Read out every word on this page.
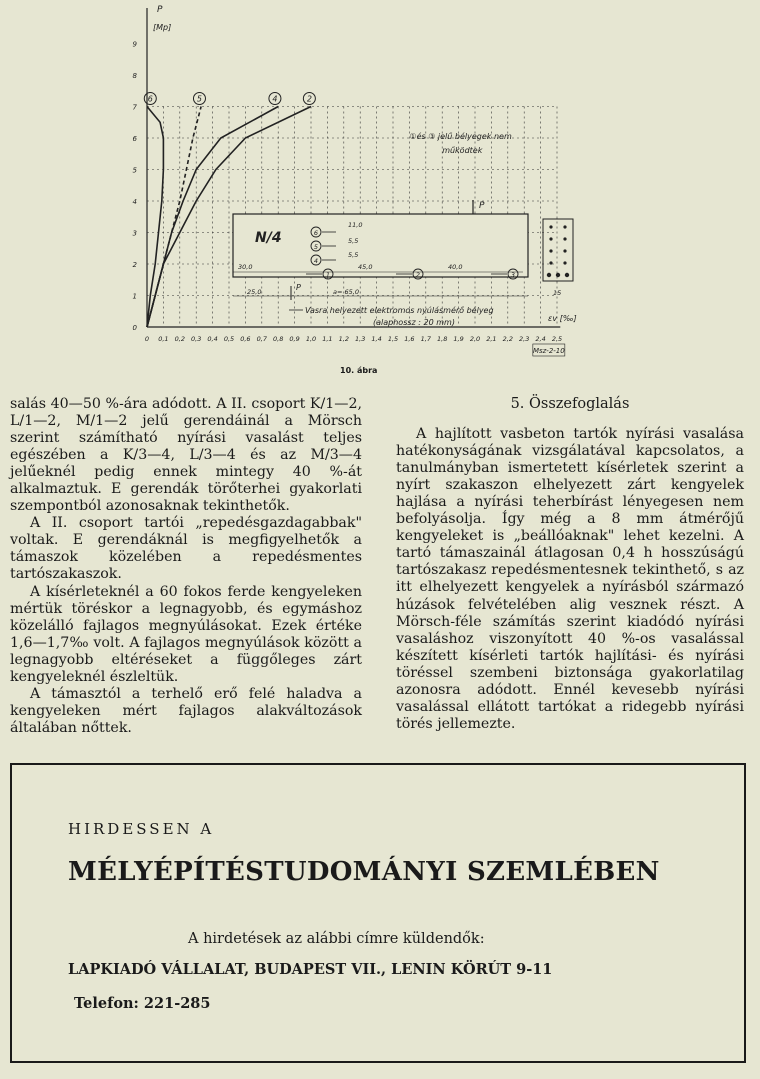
0
1
2
3
4
5
6
7
8
9
0 0,1 0,2 0,3 0,4 0,5 0,6 0,7 0,8 0,9 1,0 1,1 1,2 1,3 1,4 1,5 1,6 1,7 1,8 1,9 2,0 2,1 2,2 2,3 2,4 2,5
P
[Mp]
εv [‰]
Msz-2-10
6	5	4	2
①és ③ jelű bélyegek nem
működtek
N/4
P
6
5
4
11,0
5,5
5,5
1	2	3
30,0	45,0	40,0
25,0	a= 65,0
P
15
Vasra helyezett elektromos nyúlásmérő bélyeg
(alaphossz : 20 mm)
10. ábra

salás 40—50 %-ára adódott. A II. csoport K/1—2, L/1—2, M/1—2 jelű gerendáinál a Mörsch szerint számítható nyírási vasalást teljes egészében a K/3—4, L/3—4 és az M/3—4 jelűeknél pedig ennek mintegy 40 %-át alkalmaztuk. E gerendák törőterhei gyakorlati szempontból azonosaknak tekinthetők.

A II. csoport tartói „repedésgazdagabbak" voltak. E gerendáknál is megfigyelhetők a támaszok közelében a repedésmentes tartószakaszok.

A kísérleteknél a 60 fokos ferde kengyeleken mértük töréskor a legnagyobb, és egymáshoz közelálló fajlagos megnyúlásokat. Ezek értéke 1,6—1,7‰ volt. A fajlagos megnyúlások között a legnagyobb eltéréseket a függőleges zárt kengyeleknél észleltük.

A támasztól a terhelő erő felé haladva a kengyeleken mért fajlagos alakváltozások általában nőttek.

5. Összefoglalás

A hajlított vasbeton tartók nyírási vasalása hatékonyságának vizsgálatával kapcsolatos, a tanulmányban ismertetett kísérletek szerint a nyírt szakaszon elhelyezett zárt kengyelek hajlása a nyírási teherbírást lényegesen nem befolyásolja. Így még a 8 mm átmérőjű kengyeleket is „beállóaknak" lehet kezelni. A tartó támaszainál átlagosan 0,4 h hosszúságú tartószakasz repedésmentesnek tekinthető, s az itt elhelyezett kengyelek a nyírásból származó húzások felvételében alig vesznek részt. A Mörsch-féle számítás szerint kiadódó nyírási vasaláshoz viszonyított 40 %-os vasalással készített kísérleti tartók hajlítási- és nyírási töréssel szembeni biztonsága gyakorlatilag azonosra adódott. Ennél kevesebb nyírási vasalással ellátott tartókat a ridegebb nyírási törés jellemezte.

HIRDESSEN A
MÉLYÉPÍTÉSTUDOMÁNYI SZEMLÉBEN
A hirdetések az alábbi címre küldendők:
LAPKIADÓ VÁLLALAT, BUDAPEST VII., LENIN KÖRÚT 9-11
Telefon: 221-285
